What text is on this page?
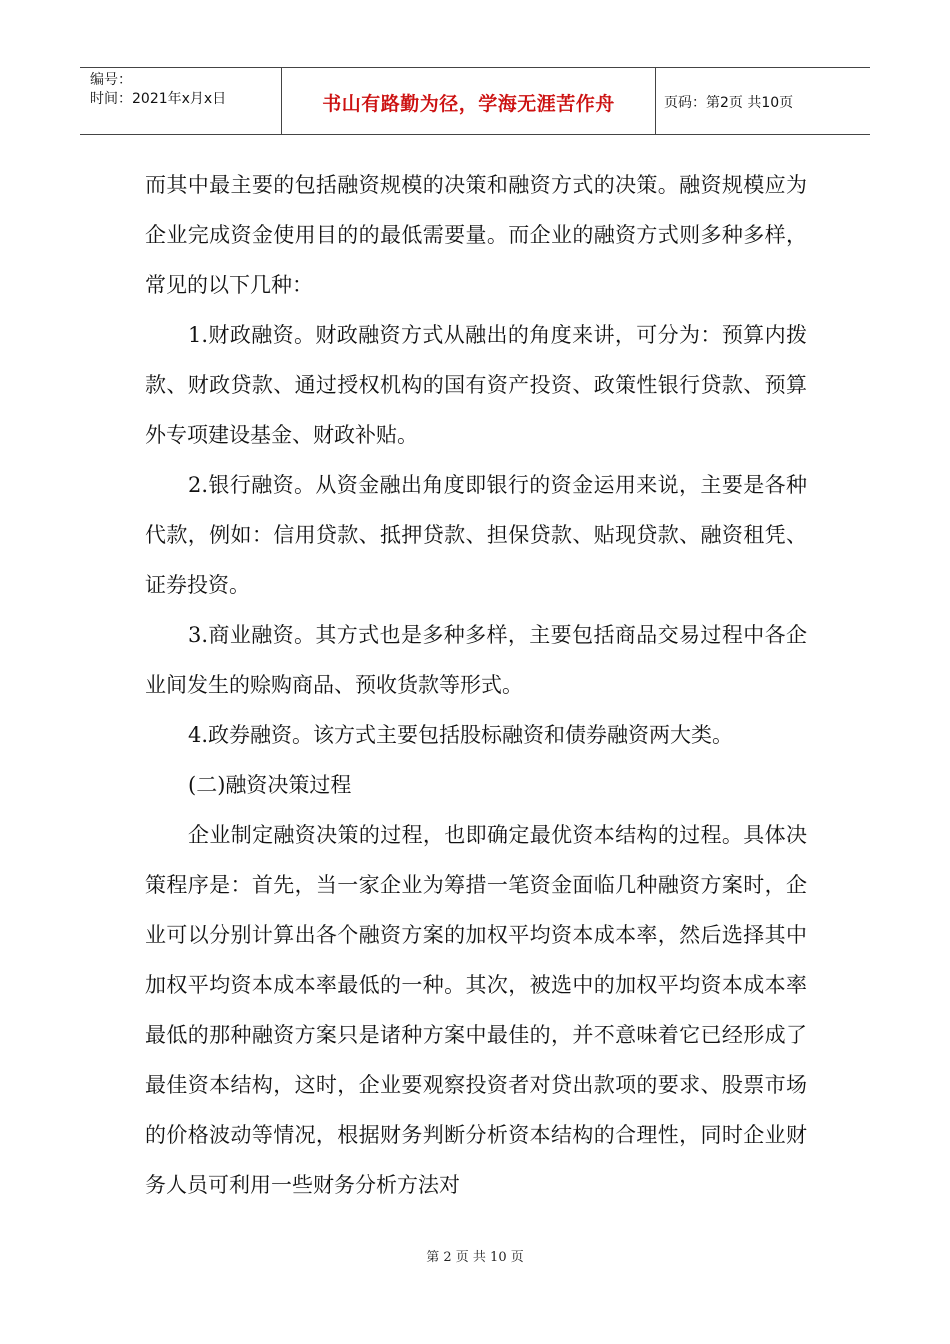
编号：
时间：2021年x月x日	书山有路勤为径，学海无涯苦作舟	页码：第2页 共10页

而其中最主要的包括融资规模的决策和融资方式的决策。融资规模应为企业完成资金使用目的的最低需要量。而企业的融资方式则多种多样，常见的以下几种：

1.财政融资。财政融资方式从融出的角度来讲，可分为：预算内拨款、财政贷款、通过授权机构的国有资产投资、政策性银行贷款、预算外专项建设基金、财政补贴。

2.银行融资。从资金融出角度即银行的资金运用来说，主要是各种代款，例如：信用贷款、抵押贷款、担保贷款、贴现贷款、融资租凭、证券投资。

3.商业融资。其方式也是多种多样，主要包括商品交易过程中各企业间发生的赊购商品、预收货款等形式。

4.政券融资。该方式主要包括股标融资和债券融资两大类。

(二)融资决策过程

企业制定融资决策的过程，也即确定最优资本结构的过程。具体决策程序是：首先，当一家企业为筹措一笔资金面临几种融资方案时，企业可以分别计算出各个融资方案的加权平均资本成本率，然后选择其中加权平均资本成本率最低的一种。其次，被选中的加权平均资本成本率最低的那种融资方案只是诸种方案中最佳的，并不意味着它已经形成了最佳资本结构，这时，企业要观察投资者对贷出款项的要求、股票市场的价格波动等情况，根据财务判断分析资本结构的合理性，同时企业财务人员可利用一些财务分析方法对

第 2 页 共 10 页
